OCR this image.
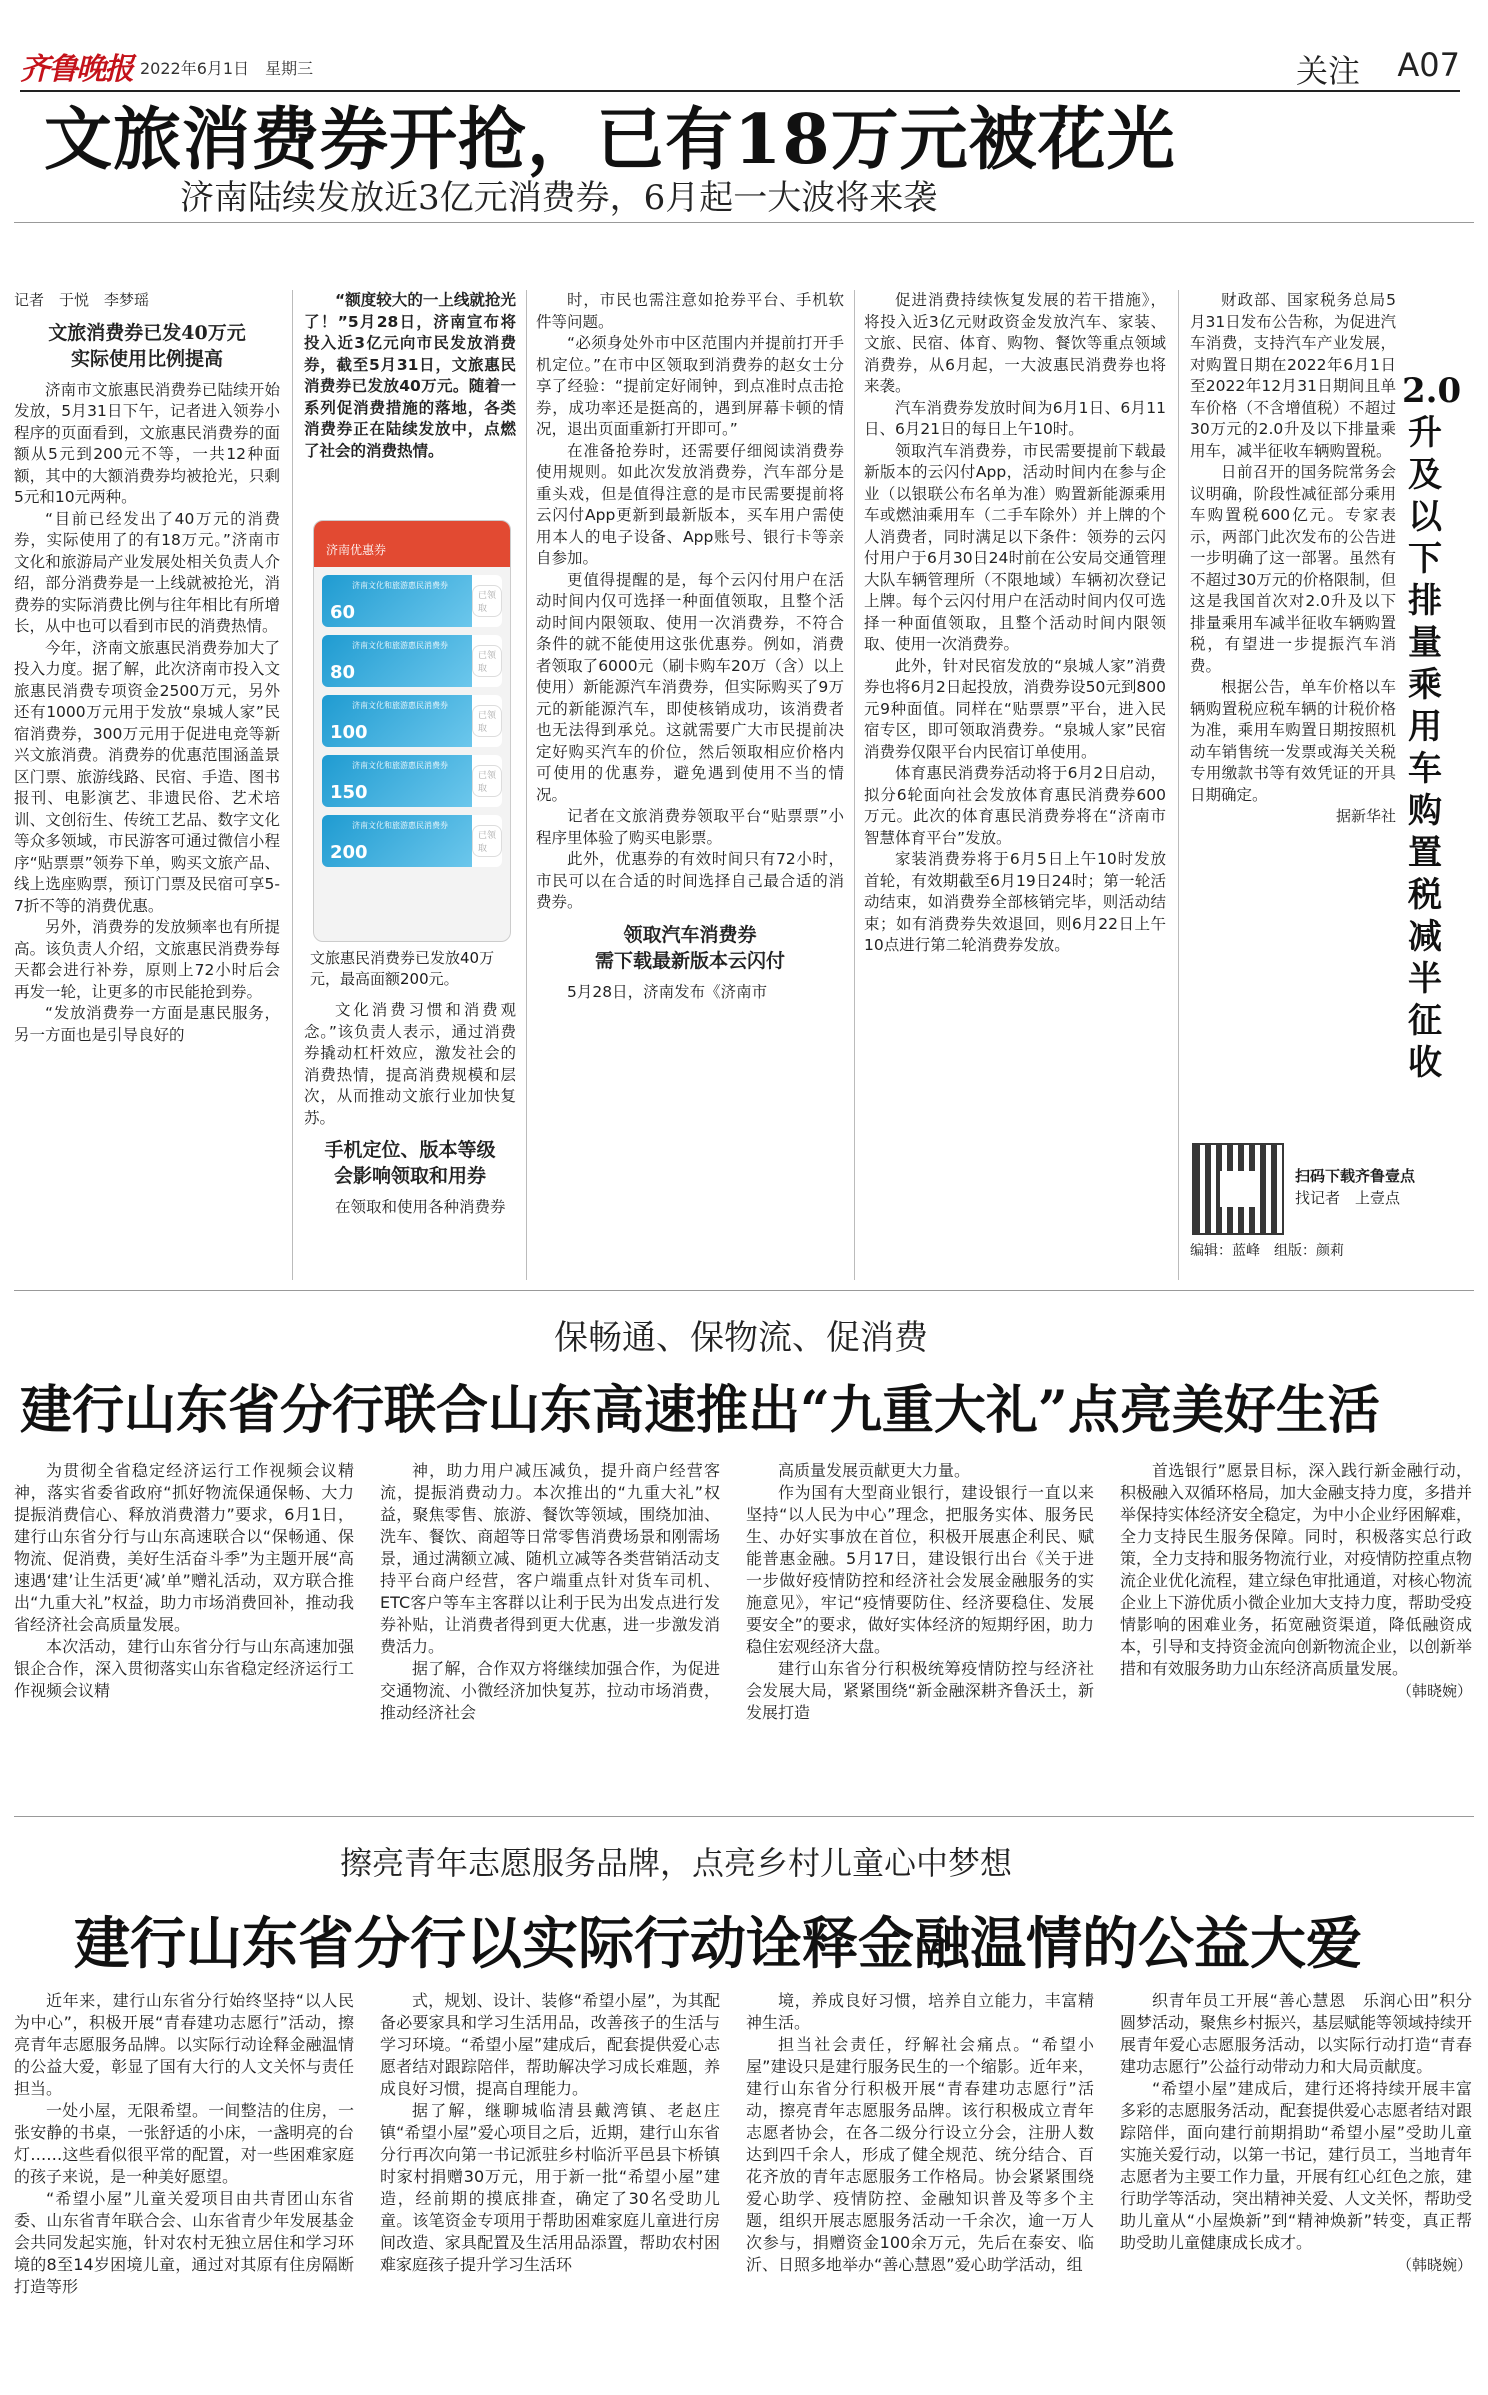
齐鲁晚报 2022年6月1日　星期三	关注 A07
文旅消费券开抢，已有18万元被花光
济南陆续发放近3亿元消费券，6月起一大波将来袭
记者　于悦　李梦瑶
文旅消费券已发40万元
实际使用比例提高

济南市文旅惠民消费券已陆续开始发放，5月31日下午，记者进入领券小程序的页面看到，文旅惠民消费券的面额从5元到200元不等，一共12种面额，其中的大额消费券均被抢光，只剩5元和10元两种。

“目前已经发出了40万元的消费券，实际使用了的有18万元。”济南市文化和旅游局产业发展处相关负责人介绍，部分消费券是一上线就被抢光，消费券的实际消费比例与往年相比有所增长，从中也可以看到市民的消费热情。

今年，济南文旅惠民消费券加大了投入力度。据了解，此次济南市投入文旅惠民消费专项资金2500万元，另外还有1000万元用于发放“泉城人家”民宿消费券，300万元用于促进电竞等新兴文旅消费。消费券的优惠范围涵盖景区门票、旅游线路、民宿、手造、图书报刊、电影演艺、非遗民俗、艺术培训、文创衍生、传统工艺品、数字文化等众多领域，市民游客可通过微信小程序“贴票票”领券下单，购买文旅产品、线上选座购票，预订门票及民宿可享5-7折不等的消费优惠。

另外，消费券的发放频率也有所提高。该负责人介绍，文旅惠民消费券每天都会进行补券，原则上72小时后会再发一轮，让更多的市民能抢到券。

“发放消费券一方面是惠民服务，另一方面也是引导良好的

“额度较大的一上线就抢光了！”5月28日，济南宣布将投入近3亿元向市民发放消费券，截至5月31日，文旅惠民消费券已发放40万元。随着一系列促消费措施的落地，各类消费券正在陆续发放中，点燃了社会的消费热情。

济南优惠券
济南文化和旅游惠民消费券
60
已领取
济南文化和旅游惠民消费券
80
已领取
济南文化和旅游惠民消费券
100
已领取
济南文化和旅游惠民消费券
150
已领取
济南文化和旅游惠民消费券
200
已领取
文旅惠民消费券已发放40万元，最高面额200元。

文化消费习惯和消费观念。”该负责人表示，通过消费券撬动杠杆效应，激发社会的消费热情，提高消费规模和层次，从而推动文旅行业加快复苏。

手机定位、版本等级
会影响领取和用券

在领取和使用各种消费券

时，市民也需注意如抢券平台、手机软件等问题。

“必须身处外市中区范围内并提前打开手机定位。”在市中区领取到消费券的赵女士分享了经验：“提前定好闹钟，到点准时点击抢券，成功率还是挺高的，遇到屏幕卡顿的情况，退出页面重新打开即可。”

在准备抢券时，还需要仔细阅读消费券使用规则。如此次发放消费券，汽车部分是重头戏，但是值得注意的是市民需要提前将云闪付App更新到最新版本，买车用户需使用本人的电子设备、App账号、银行卡等亲自参加。

更值得提醒的是，每个云闪付用户在活动时间内仅可选择一种面值领取，且整个活动时间内限领取、使用一次消费券，不符合条件的就不能使用这张优惠券。例如，消费者领取了6000元（刷卡购车20万（含）以上使用）新能源汽车消费券，但实际购买了9万元的新能源汽车，即使核销成功，该消费者也无法得到承兑。这就需要广大市民提前决定好购买汽车的价位，然后领取相应价格内可使用的优惠券，避免遇到使用不当的情况。

记者在文旅消费券领取平台“贴票票”小程序里体验了购买电影票。

此外，优惠券的有效时间只有72小时，市民可以在合适的时间选择自己最合适的消费券。

领取汽车消费券
需下载最新版本云闪付

5月28日，济南发布《济南市

促进消费持续恢复发展的若干措施》，将投入近3亿元财政资金发放汽车、家装、文旅、民宿、体育、购物、餐饮等重点领域消费券，从6月起，一大波惠民消费券也将来袭。

汽车消费券发放时间为6月1日、6月11日、6月21日的每日上午10时。

领取汽车消费券，市民需要提前下载最新版本的云闪付App，活动时间内在参与企业（以银联公布名单为准）购置新能源乘用车或燃油乘用车（二手车除外）并上牌的个人消费者，同时满足以下条件：领券的云闪付用户于6月30日24时前在公安局交通管理大队车辆管理所（不限地域）车辆初次登记上牌。每个云闪付用户在活动时间内仅可选择一种面值领取，且整个活动时间内限领取、使用一次消费券。

此外，针对民宿发放的“泉城人家”消费券也将6月2日起投放，消费券设50元到800元9种面值。同样在“贴票票”平台，进入民宿专区，即可领取消费券。“泉城人家”民宿消费券仅限平台内民宿订单使用。

体育惠民消费券活动将于6月2日启动，拟分6轮面向社会发放体育惠民消费券600万元。此次的体育惠民消费券将在“济南市智慧体育平台”发放。

家装消费券将于6月5日上午10时发放首轮，有效期截至6月19日24时；第一轮活动结束，如消费券全部核销完毕，则活动结束；如有消费券失效退回，则6月22日上午10点进行第二轮消费券发放。

财政部、国家税务总局5月31日发布公告称，为促进汽车消费，支持汽车产业发展，对购置日期在2022年6月1日至2022年12月31日期间且单车价格（不含增值税）不超过30万元的2.0升及以下排量乘用车，减半征收车辆购置税。

日前召开的国务院常务会议明确，阶段性减征部分乘用车购置税600亿元。专家表示，两部门此次发布的公告进一步明确了这一部署。虽然有不超过30万元的价格限制，但这是我国首次对2.0升及以下排量乘用车减半征收车辆购置税，有望进一步提振汽车消费。

根据公告，单车价格以车辆购置税应税车辆的计税价格为准，乘用车购置日期按照机动车销售统一发票或海关关税专用缴款书等有效凭证的开具日期确定。

据新华社
2.0升及以下排量乘用车购置税减半征收
扫码下载齐鲁壹点
找记者　上壹点
编辑：蓝峰　组版：颜莉
保畅通、保物流、促消费
建行山东省分行联合山东高速推出“九重大礼”点亮美好生活

为贯彻全省稳定经济运行工作视频会议精神，落实省委省政府“抓好物流保通保畅、大力提振消费信心、释放消费潜力”要求，6月1日，建行山东省分行与山东高速联合以“保畅通、保物流、促消费，美好生活奋斗季”为主题开展“高速遇‘建’让生活更‘减’单”赠礼活动，双方联合推出“九重大礼”权益，助力市场消费回补，推动我省经济社会高质量发展。

本次活动，建行山东省分行与山东高速加强银企合作，深入贯彻落实山东省稳定经济运行工作视频会议精

神，助力用户减压减负，提升商户经营客流，提振消费动力。本次推出的“九重大礼”权益，聚焦零售、旅游、餐饮等领域，围绕加油、洗车、餐饮、商超等日常零售消费场景和刚需场景，通过满额立减、随机立减等各类营销活动支持平台商户经营，客户端重点针对货车司机、ETC客户等车主客群以让利于民为出发点进行发券补贴，让消费者得到更大优惠，进一步激发消费活力。

据了解，合作双方将继续加强合作，为促进交通物流、小微经济加快复苏，拉动市场消费，推动经济社会

高质量发展贡献更大力量。

作为国有大型商业银行，建设银行一直以来坚持“以人民为中心”理念，把服务实体、服务民生、办好实事放在首位，积极开展惠企利民、赋能普惠金融。5月17日，建设银行出台《关于进一步做好疫情防控和经济社会发展金融服务的实施意见》，牢记“疫情要防住、经济要稳住、发展要安全”的要求，做好实体经济的短期纾困，助力稳住宏观经济大盘。

建行山东省分行积极统筹疫情防控与经济社会发展大局，紧紧围绕“新金融深耕齐鲁沃土，新发展打造

首选银行”愿景目标，深入践行新金融行动，积极融入双循环格局，加大金融支持力度，多措并举保持实体经济安全稳定，为中小企业纾困解难，全力支持民生服务保障。同时，积极落实总行政策，全力支持和服务物流行业，对疫情防控重点物流企业优化流程，建立绿色审批通道，对核心物流企业上下游优质小微企业加大支持力度，帮助受疫情影响的困难业务，拓宽融资渠道，降低融资成本，引导和支持资金流向创新物流企业，以创新举措和有效服务助力山东经济高质量发展。

（韩晓婉）
擦亮青年志愿服务品牌，点亮乡村儿童心中梦想
建行山东省分行以实际行动诠释金融温情的公益大爱

近年来，建行山东省分行始终坚持“以人民为中心”，积极开展“青春建功志愿行”活动，擦亮青年志愿服务品牌。以实际行动诠释金融温情的公益大爱，彰显了国有大行的人文关怀与责任担当。

一处小屋，无限希望。一间整洁的住房，一张安静的书桌，一张舒适的小床，一盏明亮的台灯……这些看似很平常的配置，对一些困难家庭的孩子来说，是一种美好愿望。

“希望小屋”儿童关爱项目由共青团山东省委、山东省青年联合会、山东省青少年发展基金会共同发起实施，针对农村无独立居住和学习环境的8至14岁困境儿童，通过对其原有住房隔断打造等形

式，规划、设计、装修“希望小屋”，为其配备必要家具和学习生活用品，改善孩子的生活与学习环境。“希望小屋”建成后，配套提供爱心志愿者结对跟踪陪伴，帮助解决学习成长难题，养成良好习惯，提高自理能力。

据了解，继聊城临清县戴湾镇、老赵庄镇“希望小屋”爱心项目之后，近期，建行山东省分行再次向第一书记派驻乡村临沂平邑县卞桥镇时家村捐赠30万元，用于新一批“希望小屋”建造，经前期的摸底排查，确定了30名受助儿童。该笔资金专项用于帮助困难家庭儿童进行房间改造、家具配置及生活用品添置，帮助农村困难家庭孩子提升学习生活环

境，养成良好习惯，培养自立能力，丰富精神生活。

担当社会责任，纾解社会痛点。“希望小屋”建设只是建行服务民生的一个缩影。近年来，建行山东省分行积极开展“青春建功志愿行”活动，擦亮青年志愿服务品牌。该行积极成立青年志愿者协会，在各二级分行设立分会，注册人数达到四千余人，形成了健全规范、统分结合、百花齐放的青年志愿服务工作格局。协会紧紧围绕爱心助学、疫情防控、金融知识普及等多个主题，组织开展志愿服务活动一千余次，逾一万人次参与，捐赠资金100余万元，先后在泰安、临沂、日照多地举办“善心慧恩”爱心助学活动，组

织青年员工开展“善心慧恩　乐润心田”积分圆梦活动，聚焦乡村振兴，基层赋能等领域持续开展青年爱心志愿服务活动，以实际行动打造“青春建功志愿行”公益行动带动力和大局贡献度。

“希望小屋”建成后，建行还将持续开展丰富多彩的志愿服务活动，配套提供爱心志愿者结对跟踪陪伴，面向建行前期捐助“希望小屋”受助儿童实施关爱行动，以第一书记，建行员工，当地青年志愿者为主要工作力量，开展有红心红色之旅，建行助学等活动，突出精神关爱、人文关怀，帮助受助儿童从“小屋焕新”到“精神焕新”转变，真正帮助受助儿童健康成长成才。

（韩晓婉）
